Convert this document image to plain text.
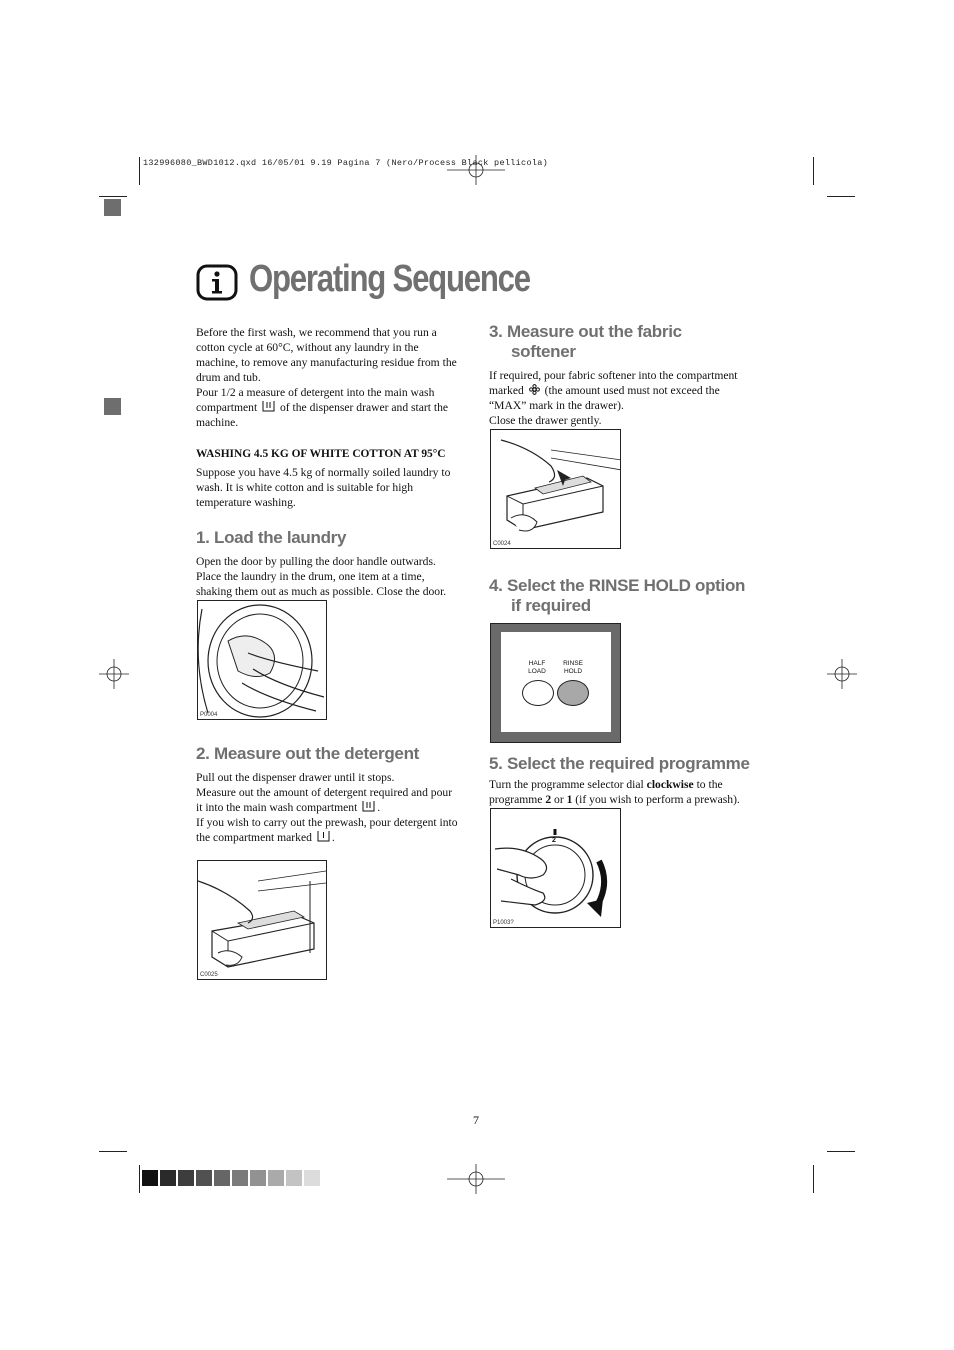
132996080_BWD1012.qxd 16/05/01 9.19 Pagina 7 (Nero/Process Black pellicola)
Operating Sequence
Before the first wash, we recommend that you run a
cotton cycle at 60°C, without any laundry in the
machine, to remove any manufacturing residue from the
drum and tub.
Pour 1/2 a measure of detergent into the main wash
compartment of the dispenser drawer and start the
machine.
WASHING 4.5 KG OF WHITE COTTON AT 95°C
Suppose you have 4.5 kg of normally soiled laundry to
wash. It is white cotton and is suitable for high
temperature washing.
1. Load the laundry
Open the door by pulling the door handle outwards.
Place the laundry in the drum, one item at a time,
shaking them out as much as possible. Close the door.
P0004
2. Measure out the detergent
Pull out the dispenser drawer until it stops.
Measure out the amount of detergent required and pour
it into the main wash compartment .
If you wish to carry out the prewash, pour detergent into
the compartment marked .
C0025
3. Measure out the fabric
softener
If required, pour fabric softener into the compartment
marked (the amount used must not exceed the
“MAX” mark in the drawer).
Close the drawer gently.
C0024
4. Select the RINSE HOLD option
if required
HALF
LOAD
RINSE
HOLD
5. Select the required programme
Turn the programme selector dial clockwise to the
programme 2 or 1 (if you wish to perform a prewash).
2
P1003?
7
